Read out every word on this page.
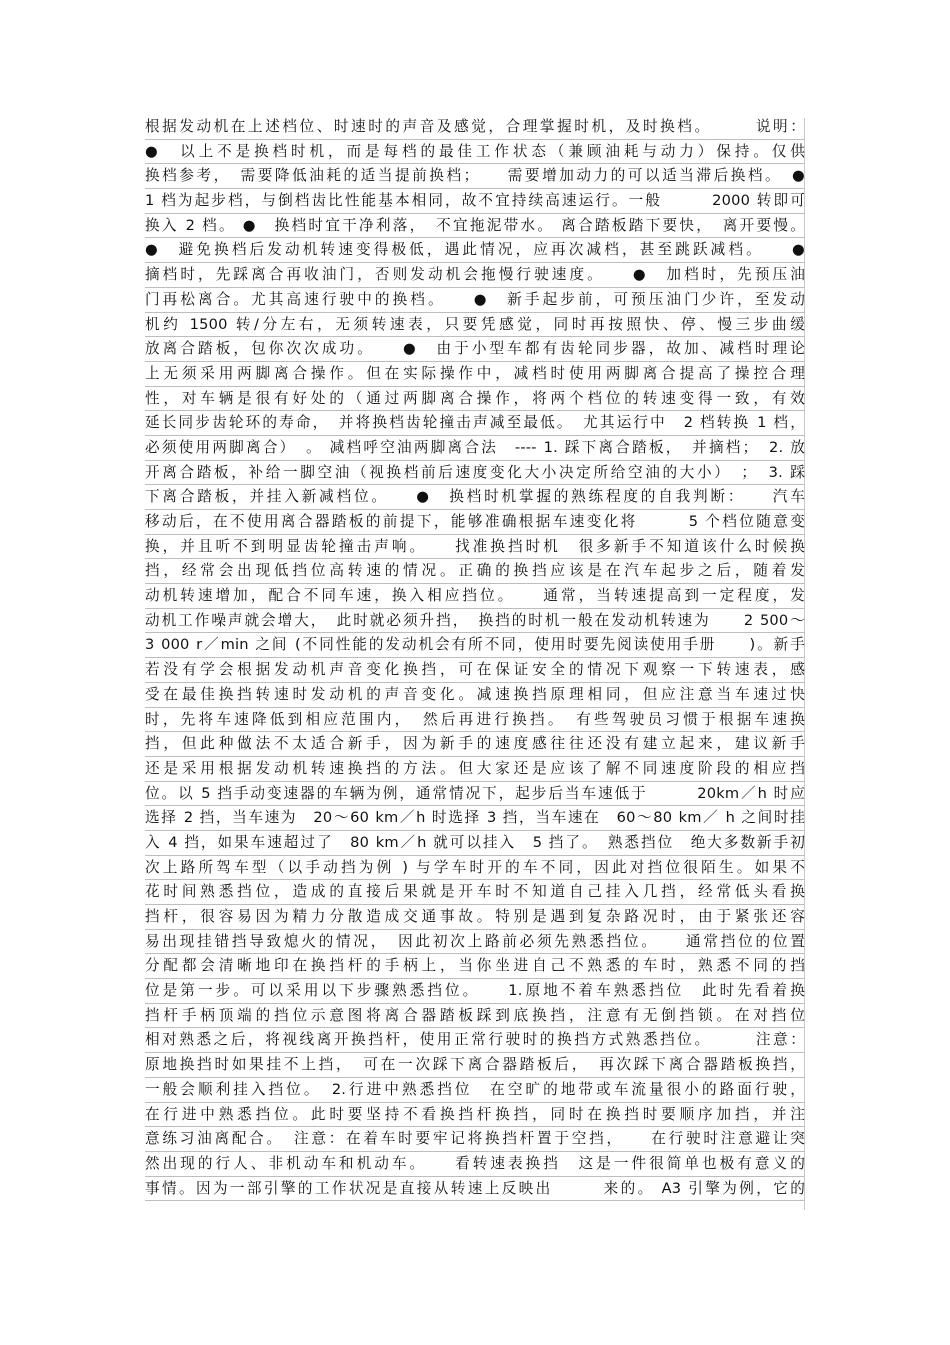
根据发动机在上述档位、时速时的声音及感觉，合理掌握时机，及时换档。　　　说明：
●　以上不是换档时机，而是每档的最佳工作状态（兼顾油耗与动力）保持。仅供
换档参考，　需要降低油耗的适当提前换档；　　需要增加动力的可以适当滞后换档。　●
1 档为起步档，与倒档齿比性能基本相同，故不宜持续高速运行。一般　　　2000 转即可
换入 2 档。 ●　换档时宜干净利落，　不宜拖泥带水。 离合踏板踏下要快，　离开要慢。
●　避免换档后发动机转速变得极低，遇此情况，应再次减档，甚至跳跃减档。　　●
摘档时，先踩离合再收油门，否则发动机会拖慢行驶速度。　　●　加档时，先预压油
门再松离合。尤其高速行驶中的换档。　　●　新手起步前，可预压油门少许，至发动
机约 1500 转/分左右，无须转速表，只要凭感觉，同时再按照快、停、慢三步曲缓
放离合踏板，包你次次成功。　　●　由于小型车都有齿轮同步器，故加、减档时理论
上无须采用两脚离合操作。但在实际操作中，减档时使用两脚离合提高了操控合理
性，对车辆是很有好处的（通过两脚离合操作，将两个档位的转速变得一致，有效
延长同步齿轮环的寿命，　并将换档齿轮撞击声减至最低。　尤其运行中　2 档转换 1 档，
必须使用两脚离合）　。 减档呼空油两脚离合法　---- 1. 踩下离合踏板，　并摘档；　2. 放
开离合踏板，补给一脚空油（视换档前后速度变化大小决定所给空油的大小）　；　3. 踩
下离合踏板，并挂入新减档位。　　●　换档时机掌握的熟练程度的自我判断：　　汽车
移动后，在不使用离合器踏板的前提下，能够准确根据车速变化将　　　5 个档位随意变
换，并且听不到明显齿轮撞击声响。　　找准换挡时机　很多新手不知道该什么时候换
挡，经常会出现低挡位高转速的情况。正确的换挡应该是在汽车起步之后，随着发
动机转速增加，配合不同车速，换入相应挡位。　　通常，当转速提高到一定程度，发
动机工作噪声就会增大，　此时就必须升挡，　换挡的时机一般在发动机转速为　　2 500～
3 000 r／min 之间 (不同性能的发动机会有所不同，使用时要先阅读使用手册　　)。新手
若没有学会根据发动机声音变化换挡，可在保证安全的情况下观察一下转速表，感
受在最佳换挡转速时发动机的声音变化。减速换挡原理相同，但应注意当车速过快
时，先将车速降低到相应范围内，　然后再进行换挡。　有些驾驶员习惯于根据车速换
挡，但此种做法不太适合新手，因为新手的速度感往往还没有建立起来，建议新手
还是采用根据发动机转速换挡的方法。但大家还是应该了解不同速度阶段的相应挡
位。以 5 挡手动变速器的车辆为例，通常情况下，起步后当车速低于　　　20km／h 时应
选择 2 挡，当车速为　20～60 km／h 时选择 3 挡，当车速在　60～80 km／ h 之间时挂
入 4 挡，如果车速超过了　80 km／h 就可以挂入　5 挡了。　熟悉挡位　绝大多数新手初
次上路所驾车型（以手动挡为例 ) 与学车时开的车不同，因此对挡位很陌生。如果不
花时间熟悉挡位，造成的直接后果就是开车时不知道自己挂入几挡，经常低头看换
挡杆，很容易因为精力分散造成交通事故。特别是遇到复杂路况时，由于紧张还容
易出现挂错挡导致熄火的情况，　因此初次上路前必须先熟悉挡位。　　通常挡位的位置
分配都会清晰地印在换挡杆的手柄上，当你坐进自己不熟悉的车时，熟悉不同的挡
位是第一步。可以采用以下步骤熟悉挡位。　　1.原地不着车熟悉挡位　此时先看着换
挡杆手柄顶端的挡位示意图将离合器踏板踩到底换挡，注意有无倒挡锁。在对挡位
相对熟悉之后，将视线离开换挡杆，使用正常行驶时的换挡方式熟悉挡位。　　　注意：
原地换挡时如果挂不上挡，　可在一次踩下离合器踏板后，　再次踩下离合器踏板换挡，
一般会顺利挂入挡位。　2.行进中熟悉挡位　在空旷的地带或车流量很小的路面行驶，
在行进中熟悉挡位。此时要坚持不看换挡杆换挡，同时在换挡时要顺序加挡，并注
意练习油离配合。　注意：在着车时要牢记将换挡杆置于空挡，　　在行驶时注意避让突
然出现的行人、非机动车和机动车。　　看转速表换挡　这是一件很简单也极有意义的
事情。因为一部引擎的工作状况是直接从转速上反映出　　　来的。 A3 引擎为例，它的
